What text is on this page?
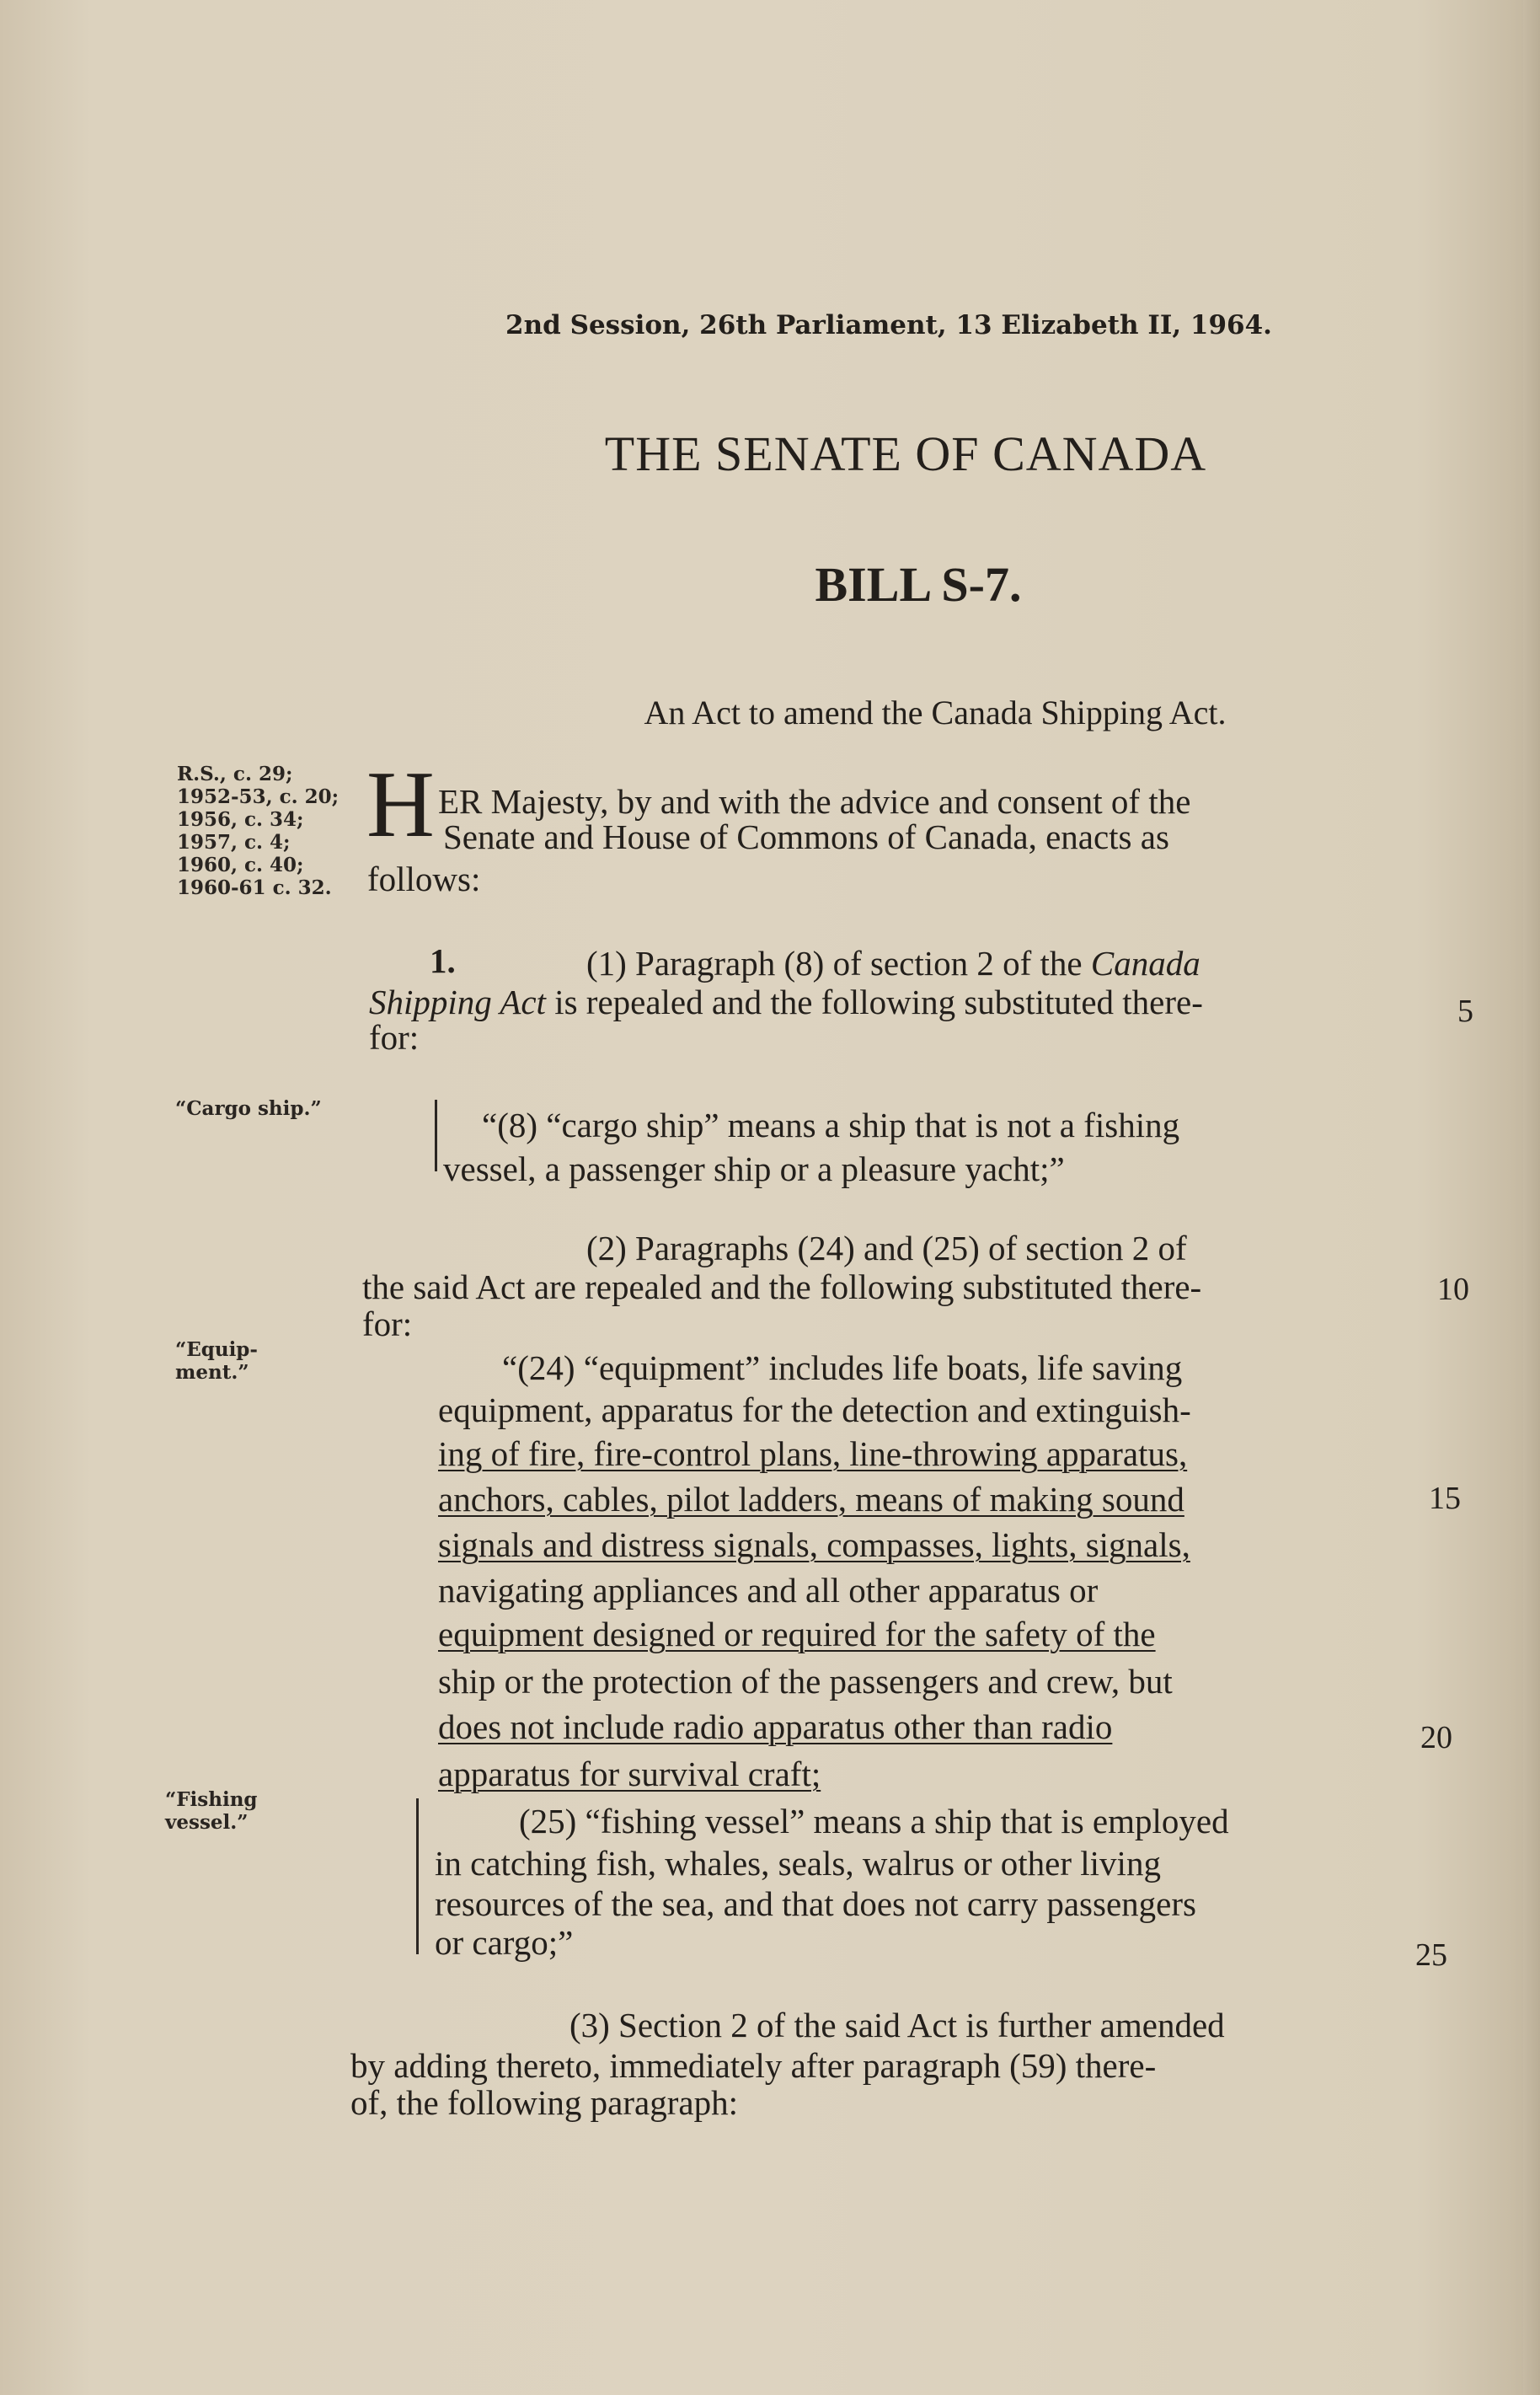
2nd Session, 26th Parliament, 13 Elizabeth II, 1964.
THE SENATE OF CANADA
BILL S-7.
An Act to amend the Canada Shipping Act.
R.S., c. 29;
1952-53, c. 20;
1956, c. 34;
1957, c. 4;
1960, c. 40;
1960-61 c. 32.
“Cargo ship.”
“Equip-
ment.”
“Fishing
vessel.”
H ER Majesty, by and with the advice and consent of the
Senate and House of Commons of Canada, enacts as
follows:
1.	(1) Paragraph (8) of section 2 of the Canada
Shipping Act is repealed and the following substituted there-
for:
“(8) “cargo ship” means a ship that is not a fishing
vessel, a passenger ship or a pleasure yacht;”
(2) Paragraphs (24) and (25) of section 2 of
the said Act are repealed and the following substituted there-
for:
“(24) “equipment” includes life boats, life saving
equipment, apparatus for the detection and extinguish-
ing of fire, fire-control plans, line-throwing apparatus,
anchors, cables, pilot ladders, means of making sound
signals and distress signals, compasses, lights, signals,
navigating appliances and all other apparatus or
equipment designed or required for the safety of the
ship or the protection of the passengers and crew, but
does not include radio apparatus other than radio
apparatus for survival craft;
(25) “fishing vessel” means a ship that is employed
in catching fish, whales, seals, walrus or other living
resources of the sea, and that does not carry passengers
or cargo;”
(3) Section 2 of the said Act is further amended
by adding thereto, immediately after paragraph (59) there-
of, the following paragraph:
5
10
15
20
25
